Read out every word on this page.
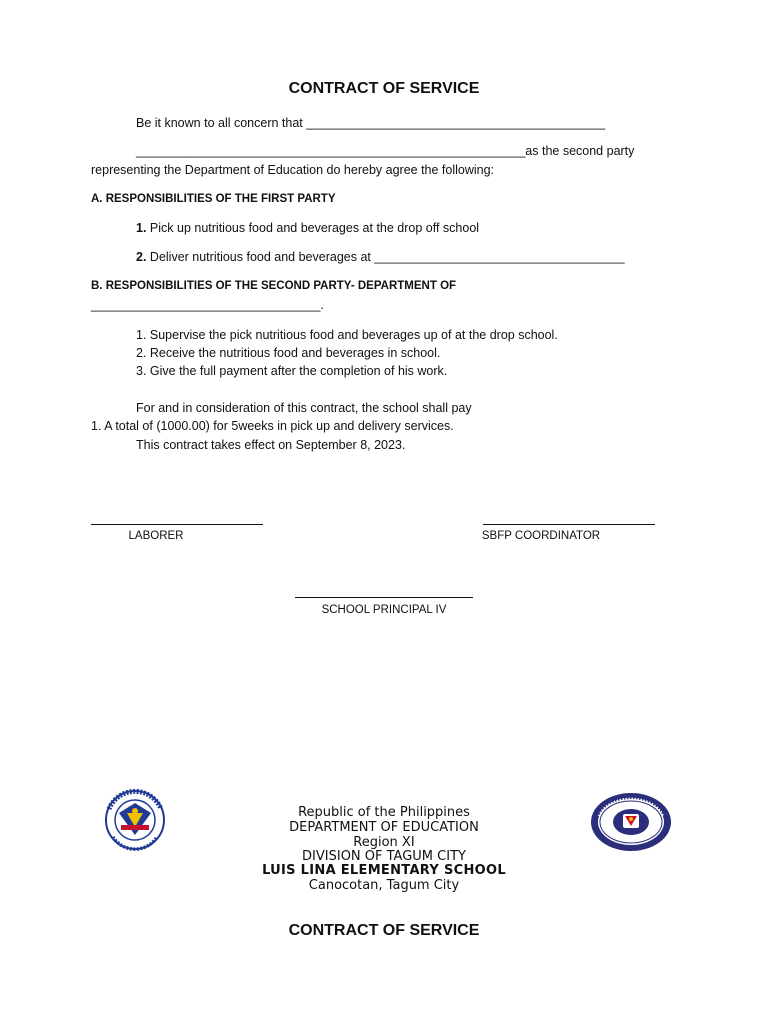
CONTRACT OF SERVICE
Be it known to all concern that ___________________________________________
________________________________________________________as the second party
representing the Department of Education do hereby agree the following:
A. RESPONSIBILITIES OF THE FIRST PARTY
1. Pick up nutritious food and beverages at the drop off school
2. Deliver nutritious food and beverages at ____________________________________
B. RESPONSIBILITIES OF THE SECOND PARTY- DEPARTMENT OF
_________________________________.
1. Supervise the pick nutritious food and beverages up of at the drop school.
2. Receive the nutritious food and beverages in school.
3. Give the full payment after the completion of his work.
For and in consideration of this contract, the school shall pay
1. A total of (1000.00) for 5weeks in pick up and delivery services.
This contract takes effect on September 8, 2023.
LABORER	SBFP COORDINATOR
SCHOOL PRINCIPAL IV
Republic of the Philippines
DEPARTMENT OF EDUCATION
Region XI
DIVISION OF TAGUM CITY
LUIS LINA ELEMENTARY SCHOOL
Canocotan, Tagum City
CONTRACT OF SERVICE
